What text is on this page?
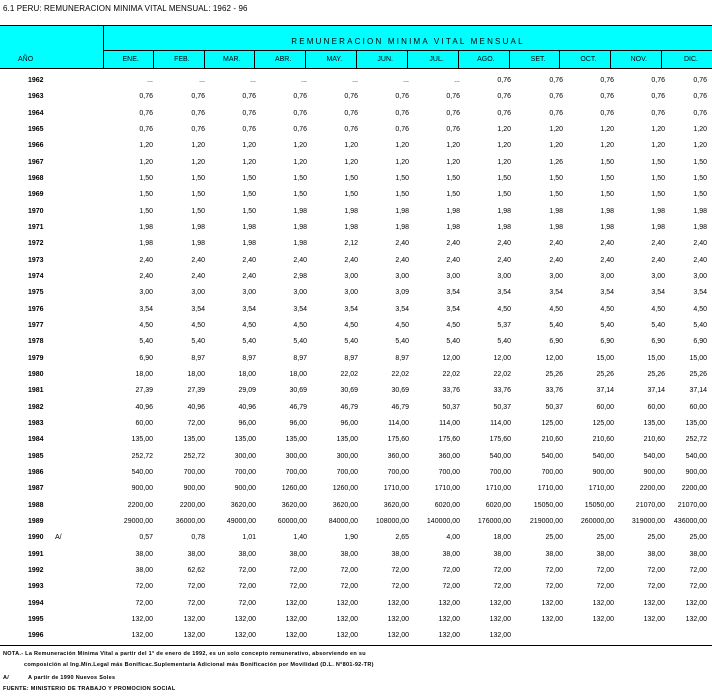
6.1 PERU: REMUNERACION MINIMA VITAL MENSUAL: 1962 - 96
AÑO
REMUNERACION MINIMA VITAL MENSUAL
ENE.	FEB.	MAR.	ABR.	MAY.	JUN.	JUL.	AGO.	SET.	OCT.	NOV.	DIC.
1962	...	...	...	...	...	...	...	0,76	0,76	0,76	0,76	0,76
1963	0,76	0,76	0,76	0,76	0,76	0,76	0,76	0,76	0,76	0,76	0,76	0,76
1964	0,76	0,76	0,76	0,76	0,76	0,76	0,76	0,76	0,76	0,76	0,76	0,76
1965	0,76	0,76	0,76	0,76	0,76	0,76	0,76	1,20	1,20	1,20	1,20	1,20
1966	1,20	1,20	1,20	1,20	1,20	1,20	1,20	1,20	1,20	1,20	1,20	1,20
1967	1,20	1,20	1,20	1,20	1,20	1,20	1,20	1,20	1,26	1,50	1,50	1,50
1968	1,50	1,50	1,50	1,50	1,50	1,50	1,50	1,50	1,50	1,50	1,50	1,50
1969	1,50	1,50	1,50	1,50	1,50	1,50	1,50	1,50	1,50	1,50	1,50	1,50
1970	1,50	1,50	1,50	1,98	1,98	1,98	1,98	1,98	1,98	1,98	1,98	1,98
1971	1,98	1,98	1,98	1,98	1,98	1,98	1,98	1,98	1,98	1,98	1,98	1,98
1972	1,98	1,98	1,98	1,98	2,12	2,40	2,40	2,40	2,40	2,40	2,40	2,40
1973	2,40	2,40	2,40	2,40	2,40	2,40	2,40	2,40	2,40	2,40	2,40	2,40
1974	2,40	2,40	2,40	2,98	3,00	3,00	3,00	3,00	3,00	3,00	3,00	3,00
1975	3,00	3,00	3,00	3,00	3,00	3,09	3,54	3,54	3,54	3,54	3,54	3,54
1976	3,54	3,54	3,54	3,54	3,54	3,54	3,54	4,50	4,50	4,50	4,50	4,50
1977	4,50	4,50	4,50	4,50	4,50	4,50	4,50	5,37	5,40	5,40	5,40	5,40
1978	5,40	5,40	5,40	5,40	5,40	5,40	5,40	5,40	6,90	6,90	6,90	6,90
1979	6,90	8,97	8,97	8,97	8,97	8,97	12,00	12,00	12,00	15,00	15,00	15,00
1980	18,00	18,00	18,00	18,00	22,02	22,02	22,02	22,02	25,26	25,26	25,26	25,26
1981	27,39	27,39	29,09	30,69	30,69	30,69	33,76	33,76	33,76	37,14	37,14	37,14
1982	40,96	40,96	40,96	46,79	46,79	46,79	50,37	50,37	50,37	60,00	60,00	60,00
1983	60,00	72,00	96,00	96,00	96,00	114,00	114,00	114,00	125,00	125,00	135,00	135,00
1984	135,00	135,00	135,00	135,00	135,00	175,60	175,60	175,60	210,60	210,60	210,60	252,72
1985	252,72	252,72	300,00	300,00	300,00	360,00	360,00	540,00	540,00	540,00	540,00	540,00
1986	540,00	700,00	700,00	700,00	700,00	700,00	700,00	700,00	700,00	900,00	900,00	900,00
1987	900,00	900,00	900,00	1260,00	1260,00	1710,00	1710,00	1710,00	1710,00	1710,00	2200,00	2200,00
1988	2200,00	2200,00	3620,00	3620,00	3620,00	3620,00	6020,00	6020,00	15050,00	15050,00	21070,00	21070,00
1989	29000,00	36000,00	49000,00	60000,00	84000,00	108000,00	140000,00	176000,00	219000,00	260000,00	319000,00	436000,00
1990 A/	0,57	0,78	1,01	1,40	1,90	2,65	4,00	18,00	25,00	25,00	25,00	25,00
1991	38,00	38,00	38,00	38,00	38,00	38,00	38,00	38,00	38,00	38,00	38,00	38,00
1992	38,00	62,62	72,00	72,00	72,00	72,00	72,00	72,00	72,00	72,00	72,00	72,00
1993	72,00	72,00	72,00	72,00	72,00	72,00	72,00	72,00	72,00	72,00	72,00	72,00
1994	72,00	72,00	72,00	132,00	132,00	132,00	132,00	132,00	132,00	132,00	132,00	132,00
1995	132,00	132,00	132,00	132,00	132,00	132,00	132,00	132,00	132,00	132,00	132,00	132,00
1996	132,00	132,00	132,00	132,00	132,00	132,00	132,00	132,00
NOTA.- La Remuneración Mínima Vital a partir del 1° de enero de 1992, es un solo concepto remunerativo, absorviendo en su
composición al Ing.Min.Legal más Bonificac.Suplementaria Adicional más Bonificación por Movilidad (D.L. N°801-92-TR)
A/	A partir de 1990 Nuevos Soles
FUENTE: MINISTERIO DE TRABAJO Y PROMOCION SOCIAL
